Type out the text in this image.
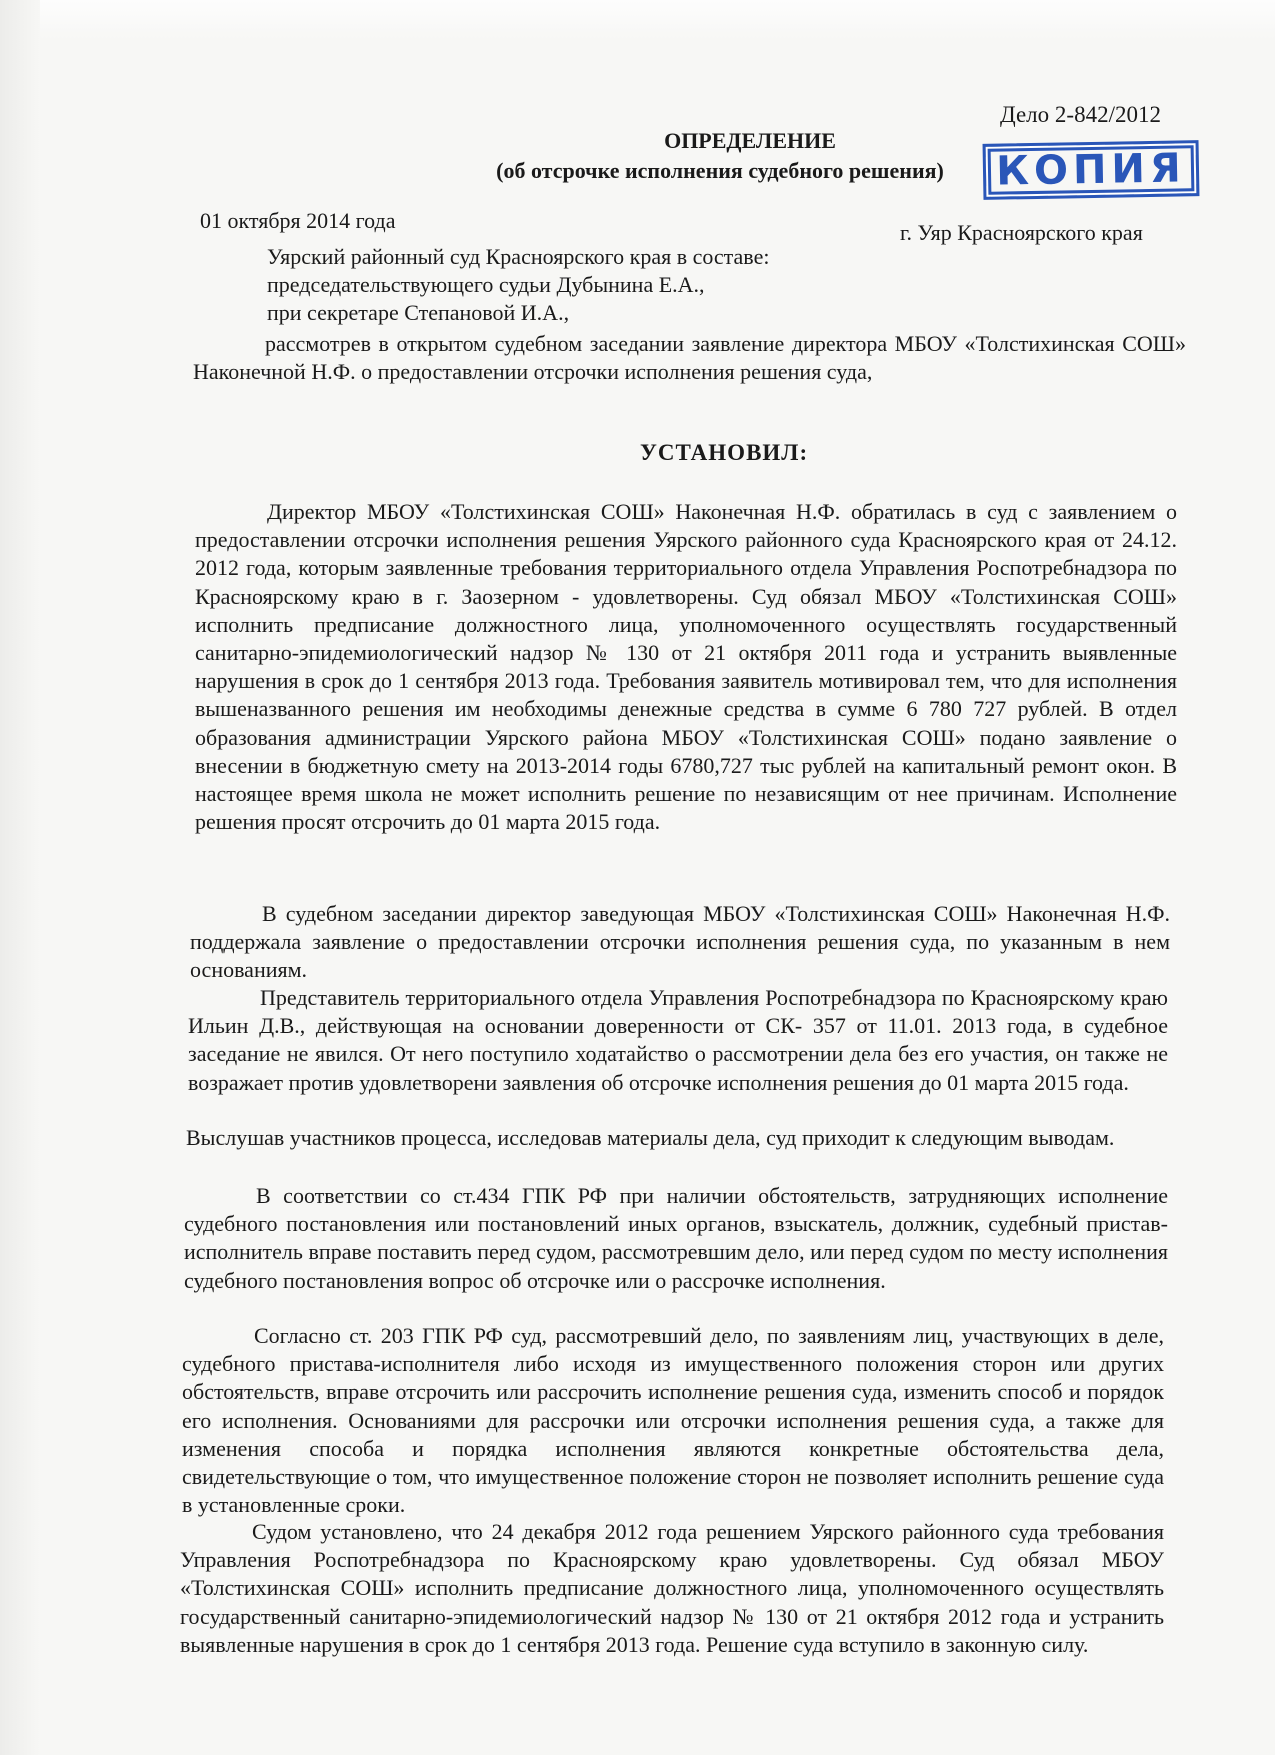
Дело 2-842/2012
ОПРЕДЕЛЕНИЕ
(об отсрочке исполнения судебного решения)	КОПИЯ
01 октября 2014 года	г. Уяр Красноярского края
Уярский районный суд Красноярского края в составе:
председательствующего судьи Дубынина Е.А.,
при секретаре Степановой И.А.,
рассмотрев в открытом судебном заседании заявление директора МБОУ «Толстихинская СОШ» Наконечной Н.Ф. о предоставлении отсрочки исполнения решения суда,
УСТАНОВИЛ:
Директор МБОУ «Толстихинская СОШ» Наконечная Н.Ф. обратилась в суд с заявлением о предоставлении отсрочки исполнения решения Уярского районного суда Красноярского края от 24.12. 2012 года, которым заявленные требования территориального отдела Управления Роспотребнадзора по Красноярскому краю в г. Заозерном - удовлетворены. Суд обязал МБОУ «Толстихинская СОШ» исполнить предписание должностного лица, уполномоченного осуществлять государственный санитарно-эпидемиологический надзор № 130 от 21 октября 2011 года и устранить выявленные нарушения в срок до 1 сентября 2013 года. Требования заявитель мотивировал тем, что для исполнения вышеназванного решения им необходимы денежные средства в сумме 6 780 727 рублей. В отдел образования администрации Уярского района МБОУ «Толстихинская СОШ» подано заявление о внесении в бюджетную смету на 2013-2014 годы 6780,727 тыс рублей на капитальный ремонт окон. В настоящее время школа не может исполнить решение по независящим от нее причинам. Исполнение решения просят отсрочить до 01 марта 2015 года.
В судебном заседании директор заведующая МБОУ «Толстихинская СОШ» Наконечная Н.Ф. поддержала заявление о предоставлении отсрочки исполнения решения суда, по указанным в нем основаниям.
Представитель территориального отдела Управления Роспотребнадзора по Красноярскому краю Ильин Д.В., действующая на основании доверенности от СК- 357 от 11.01. 2013 года, в судебное заседание не явился. От него поступило ходатайство о рассмотрении дела без его участия, он также не возражает против удовлетворени заявления об отсрочке исполнения решения до 01 марта 2015 года.
Выслушав участников процесса, исследовав материалы дела, суд приходит к следующим выводам.
В соответствии со ст.434 ГПК РФ при наличии обстоятельств, затрудняющих исполнение судебного постановления или постановлений иных органов, взыскатель, должник, судебный пристав-исполнитель вправе поставить перед судом, рассмотревшим дело, или перед судом по месту исполнения судебного постановления вопрос об отсрочке или о рассрочке исполнения.
Согласно ст. 203 ГПК РФ суд, рассмотревший дело, по заявлениям лиц, участвующих в деле, судебного пристава-исполнителя либо исходя из имущественного положения сторон или других обстоятельств, вправе отсрочить или рассрочить исполнение решения суда, изменить способ и порядок его исполнения. Основаниями для рассрочки или отсрочки исполнения решения суда, а также для изменения способа и порядка исполнения являются конкретные обстоятельства дела, свидетельствующие о том, что имущественное положение сторон не позволяет исполнить решение суда в установленные сроки.
Судом установлено, что 24 декабря 2012 года решением Уярского районного суда требования Управления Роспотребнадзора по Красноярскому краю удовлетворены. Суд обязал МБОУ «Толстихинская СОШ» исполнить предписание должностного лица, уполномоченного осуществлять государственный санитарно-эпидемиологический надзор № 130 от 21 октября 2012 года и устранить выявленные нарушения в срок до 1 сентября 2013 года. Решение суда вступило в законную силу.
